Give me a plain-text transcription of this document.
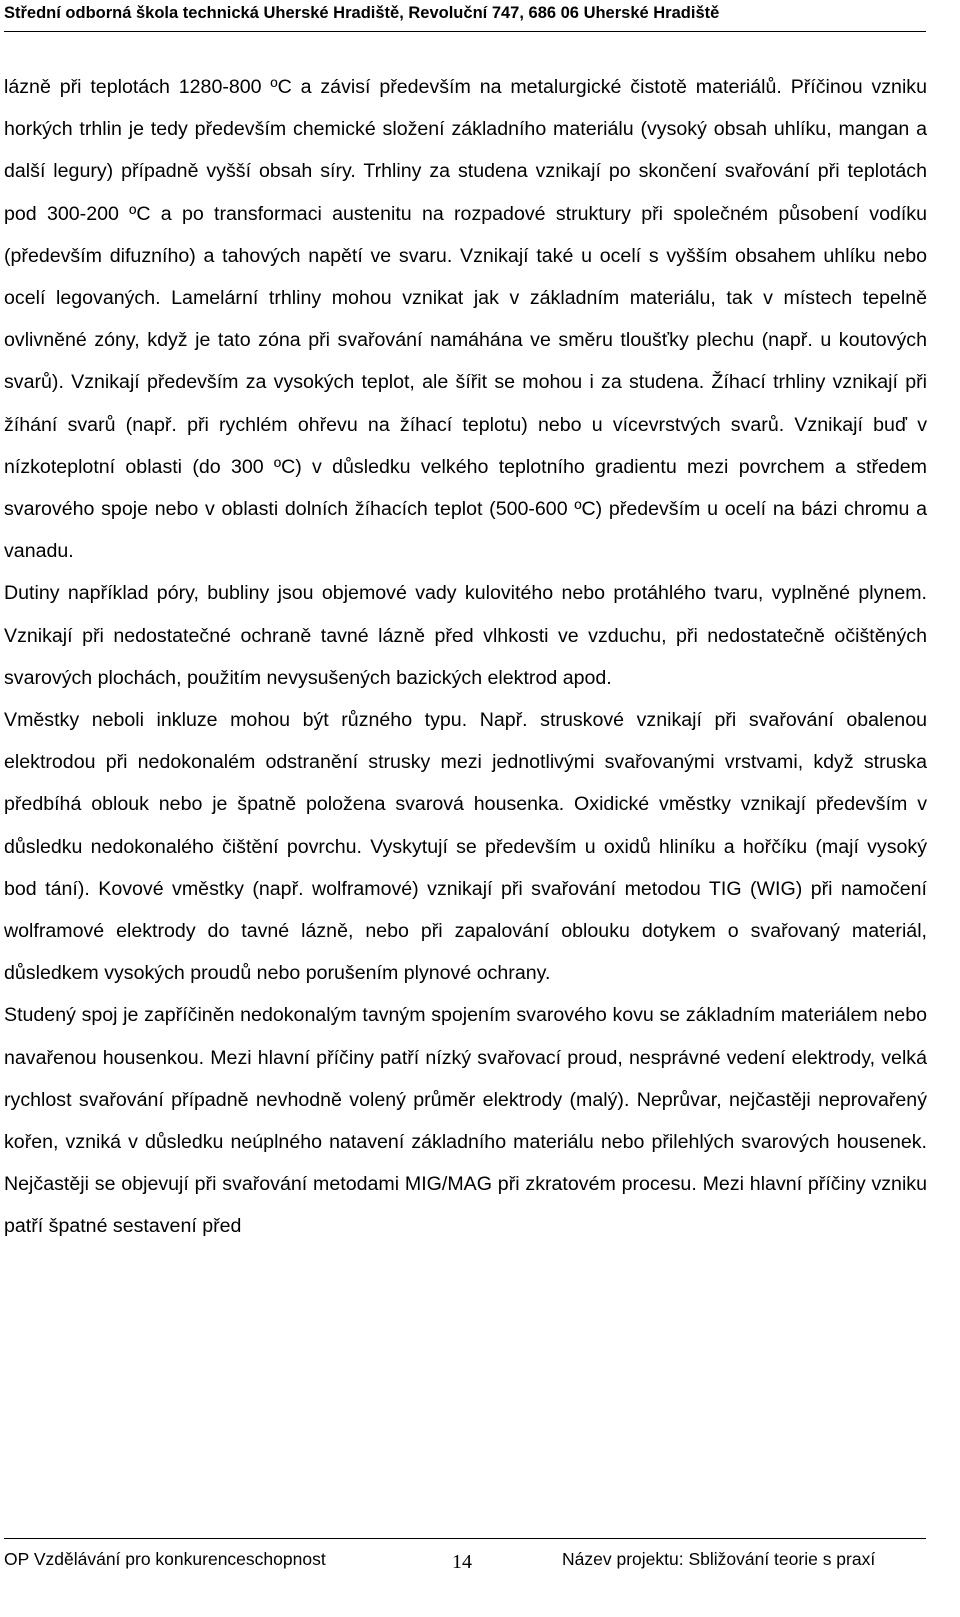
Střední odborná škola technická Uherské Hradiště, Revoluční 747, 686 06 Uherské Hradiště

lázně při teplotách 1280-800 ºC a závisí především na metalurgické čistotě materiálů. Příčinou vzniku horkých trhlin je tedy především chemické složení základního materiálu (vysoký obsah uhlíku, mangan a další legury) případně vyšší obsah síry. Trhliny za studena vznikají po skončení svařování při teplotách pod 300-200 ºC a po transformaci austenitu na rozpadové struktury při společném působení vodíku (především difuzního) a tahových napětí ve svaru. Vznikají také u ocelí s vyšším obsahem uhlíku nebo ocelí legovaných. Lamelární trhliny mohou vznikat jak v základním materiálu, tak v místech tepelně ovlivněné zóny, když je tato zóna při svařování namáhána ve směru tloušťky plechu (např. u koutových svarů). Vznikají především za vysokých teplot, ale šířit se mohou i za studena. Žíhací trhliny vznikají při žíhání svarů (např. při rychlém ohřevu na žíhací teplotu) nebo u vícevrstvých svarů. Vznikají buď v nízkoteplotní oblasti (do 300 ºC) v důsledku velkého teplotního gradientu mezi povrchem a středem svarového spoje nebo v oblasti dolních žíhacích teplot (500-600 ºC) především u ocelí na bázi chromu a vanadu.

Dutiny například póry, bubliny jsou objemové vady kulovitého nebo protáhlého tvaru, vyplněné plynem. Vznikají při nedostatečné ochraně tavné lázně před vlhkosti ve vzduchu, při nedostatečně očištěných svarových plochách, použitím nevysušených bazických elektrod apod.

Vměstky neboli inkluze mohou být různého typu. Např. struskové vznikají při svařování obalenou elektrodou při nedokonalém odstranění strusky mezi jednotlivými svařovanými vrstvami, když struska předbíhá oblouk nebo je špatně položena svarová housenka. Oxidické vměstky vznikají především v důsledku nedokonalého čištění povrchu. Vyskytují se především u oxidů hliníku a hořčíku (mají vysoký bod tání). Kovové vměstky (např. wolframové) vznikají při svařování metodou TIG (WIG) při namočení wolframové elektrody do tavné lázně, nebo při zapalování oblouku dotykem o svařovaný materiál, důsledkem vysokých proudů nebo porušením plynové ochrany.

Studený spoj je zapříčiněn nedokonalým tavným spojením svarového kovu se základním materiálem nebo navařenou housenkou. Mezi hlavní příčiny patří nízký svařovací proud, nesprávné vedení elektrody, velká rychlost svařování případně nevhodně volený průměr elektrody (malý). Neprůvar, nejčastěji neprovařený kořen, vzniká v důsledku neúplného natavení základního materiálu nebo přilehlých svarových housenek. Nejčastěji se objevují při svařování metodami MIG/MAG při zkratovém procesu. Mezi hlavní příčiny vzniku patří špatné sestavení před

OP Vzdělávání pro konkurenceschopnost	14	Název projektu: Sbližování teorie s praxí
